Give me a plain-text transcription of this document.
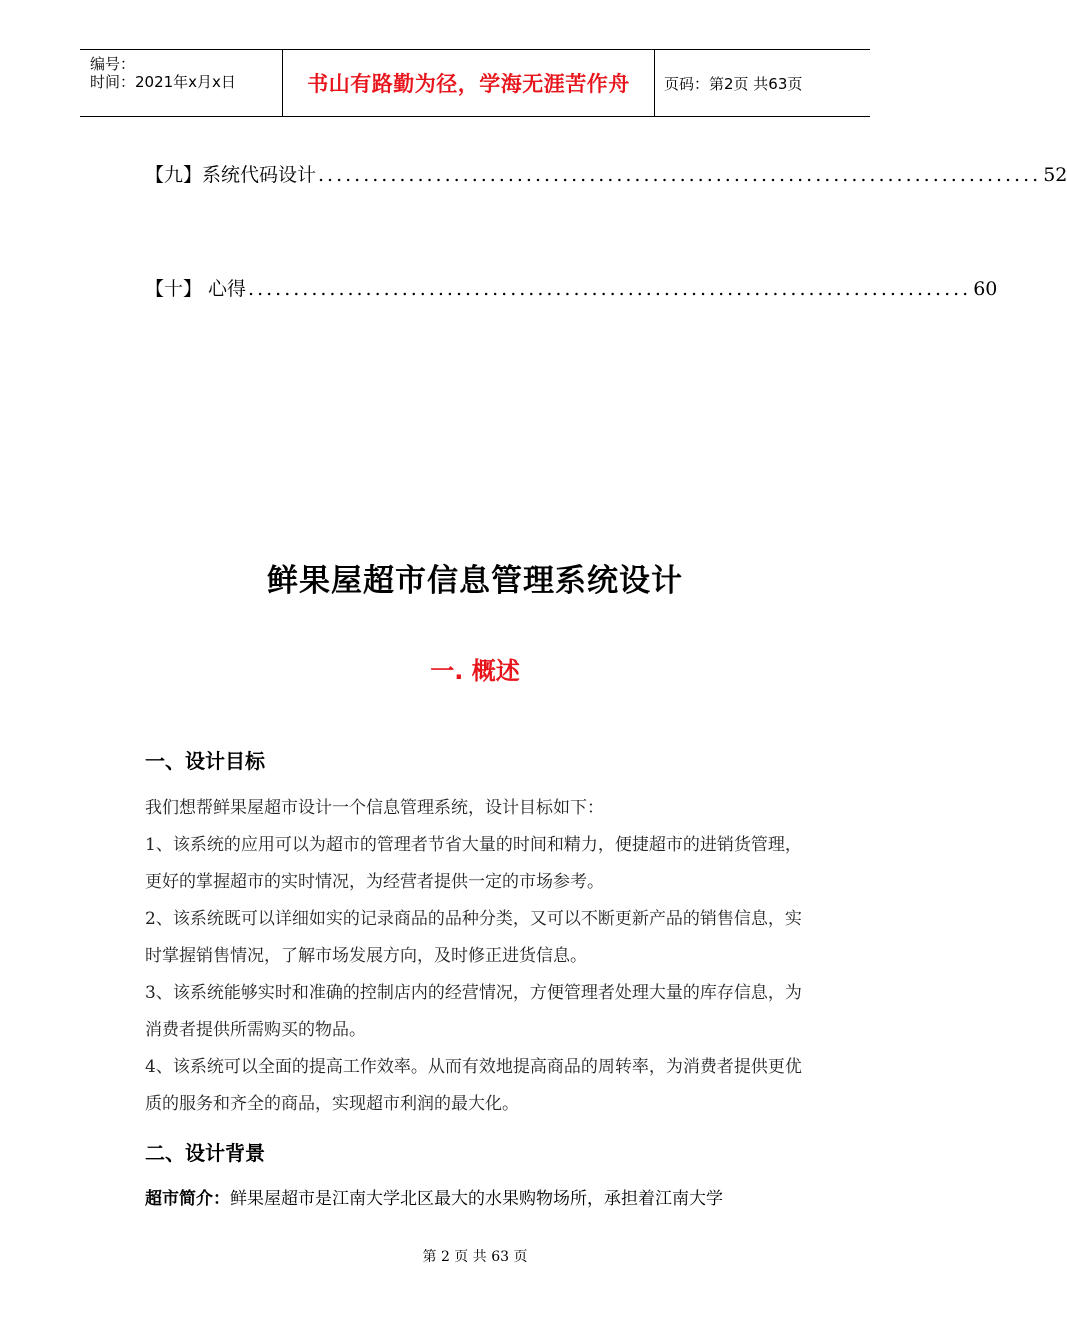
编号：
时间：2021年x月x日	书山有路勤为径，学海无涯苦作舟	页码：第2页 共63页
【九】系统代码设计 ................................................................................ 52
【十】 心得 ................................................................................ 60
鲜果屋超市信息管理系统设计
一. 概述
一、设计目标

我们想帮鲜果屋超市设计一个信息管理系统，设计目标如下：

1、该系统的应用可以为超市的管理者节省大量的时间和精力，便捷超市的进销货管理，更好的掌握超市的实时情况，为经营者提供一定的市场参考。

2、该系统既可以详细如实的记录商品的品种分类，又可以不断更新产品的销售信息，实时掌握销售情况，了解市场发展方向，及时修正进货信息。

3、该系统能够实时和准确的控制店内的经营情况，方便管理者处理大量的库存信息，为消费者提供所需购买的物品。

4、该系统可以全面的提高工作效率。从而有效地提高商品的周转率，为消费者提供更优质的服务和齐全的商品，实现超市利润的最大化。

二、设计背景
超市简介：鲜果屋超市是江南大学北区最大的水果购物场所，承担着江南大学
第 2 页 共 63 页
